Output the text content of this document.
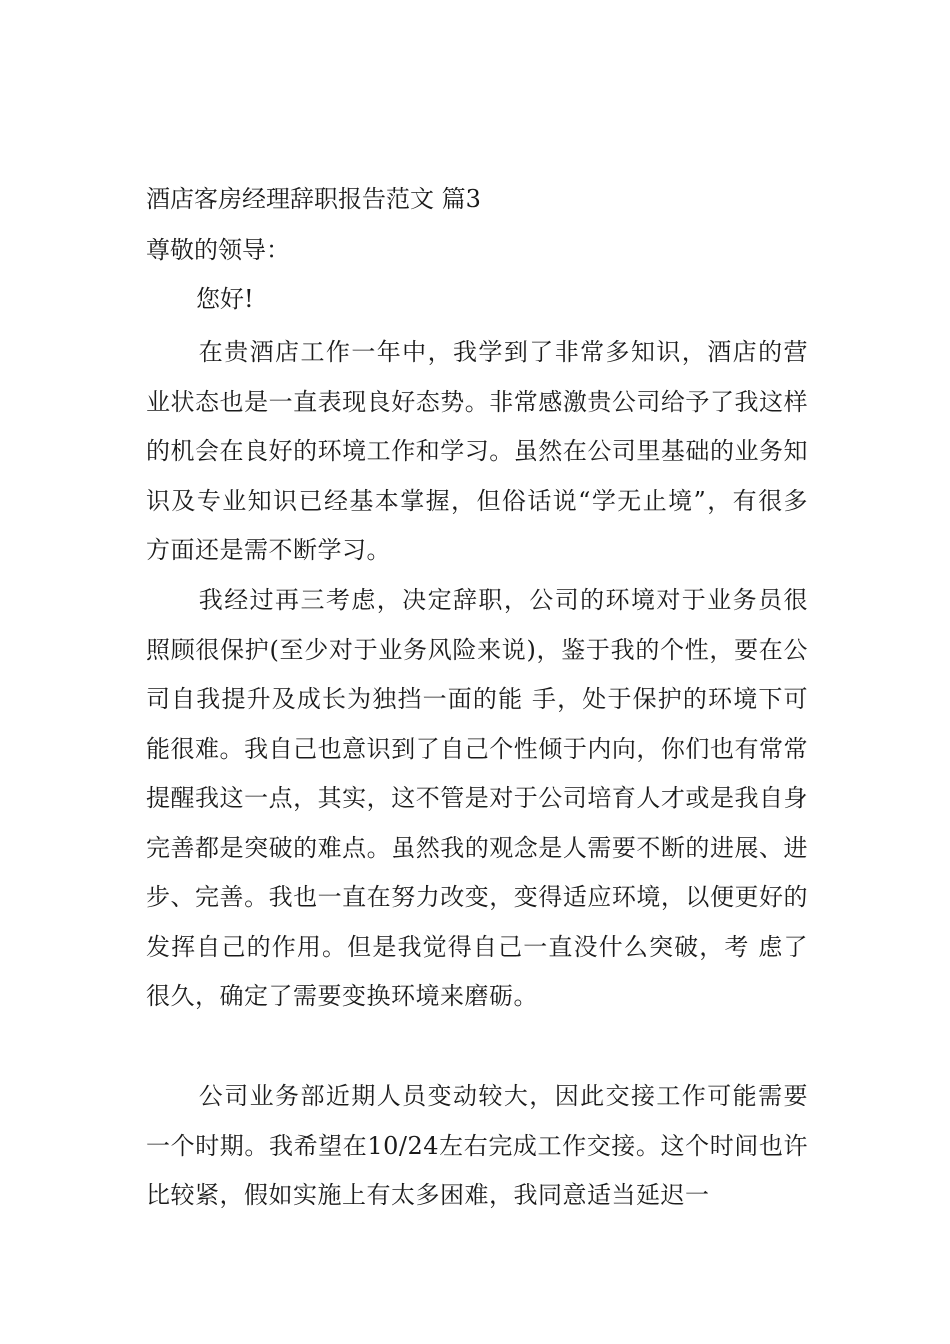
酒店客房经理辞职报告范文 篇3
尊敬的领导：
您好!

在贵酒店工作一年中，我学到了非常多知识，酒店的营业状态也是一直表现良好态势。非常感激贵公司给予了我这样的机会在良好的环境工作和学习。虽然在公司里基础的业务知识及专业知识已经基本掌握，但俗话说“学无止境”，有很多方面还是需不断学习。

我经过再三考虑，决定辞职，公司的环境对于业务员很照顾很保护(至少对于业务风险来说)，鉴于我的个性，要在公司自我提升及成长为独挡一面的能 手，处于保护的环境下可能很难。我自己也意识到了自己个性倾于内向，你们也有常常提醒我这一点，其实，这不管是对于公司培育人才或是我自身完善都是突破的难点。虽然我的观念是人需要不断的进展、进步、完善。我也一直在努力改变，变得适应环境，以便更好的发挥自己的作用。但是我觉得自己一直没什么突破，考 虑了很久，确定了需要变换环境来磨砺。

公司业务部近期人员变动较大，因此交接工作可能需要一个时期。我希望在10/24左右完成工作交接。这个时间也许比较紧，假如实施上有太多困难，我同意适当延迟一
